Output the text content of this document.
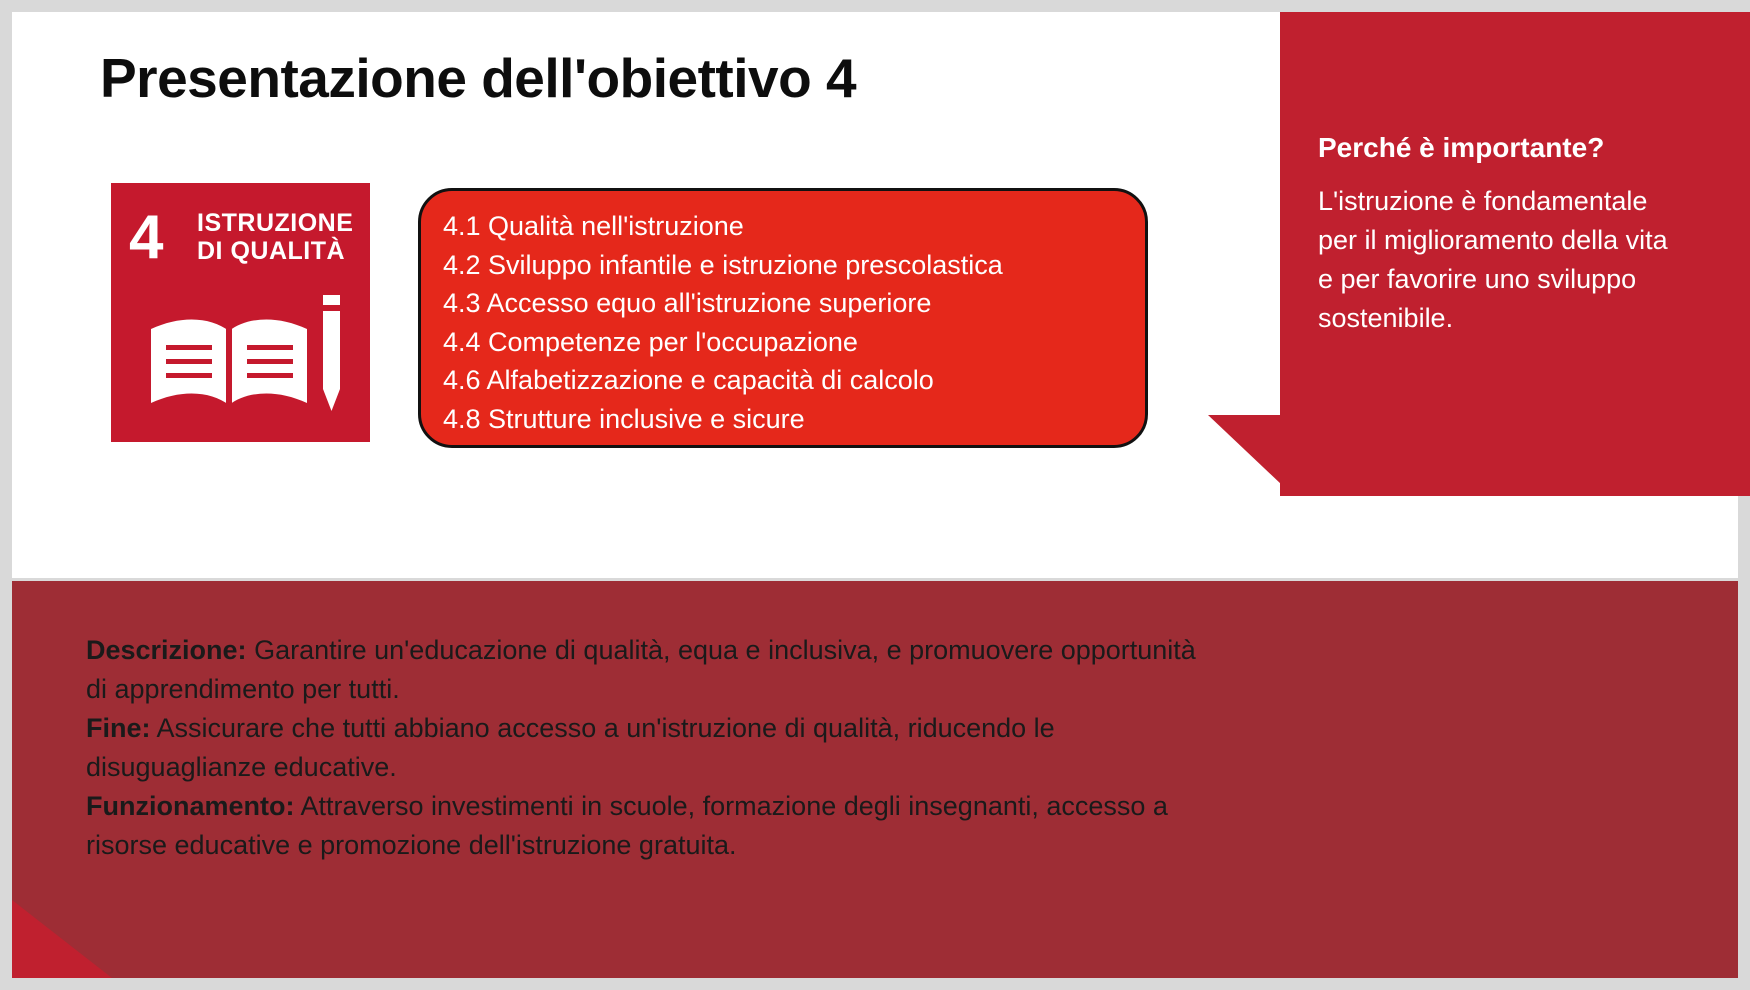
Presentazione dell'obiettivo 4
4 ISTRUZIONE
DI QUALITÀ
4.1 Qualità nell'istruzione
4.2 Sviluppo infantile e istruzione prescolastica
4.3 Accesso equo all'istruzione superiore
4.4 Competenze per l'occupazione
4.6 Alfabetizzazione e capacità di calcolo
4.8 Strutture inclusive e sicure
Perché è importante?
L'istruzione è fondamentale per il miglioramento della vita e per favorire uno sviluppo sostenibile.

Descrizione: Garantire un'educazione di qualità, equa e inclusiva, e promuovere opportunità di apprendimento per tutti.

Fine: Assicurare che tutti abbiano accesso a un'istruzione di qualità, riducendo le disuguaglianze educative.

Funzionamento: Attraverso investimenti in scuole, formazione degli insegnanti, accesso a risorse educative e promozione dell'istruzione gratuita.
